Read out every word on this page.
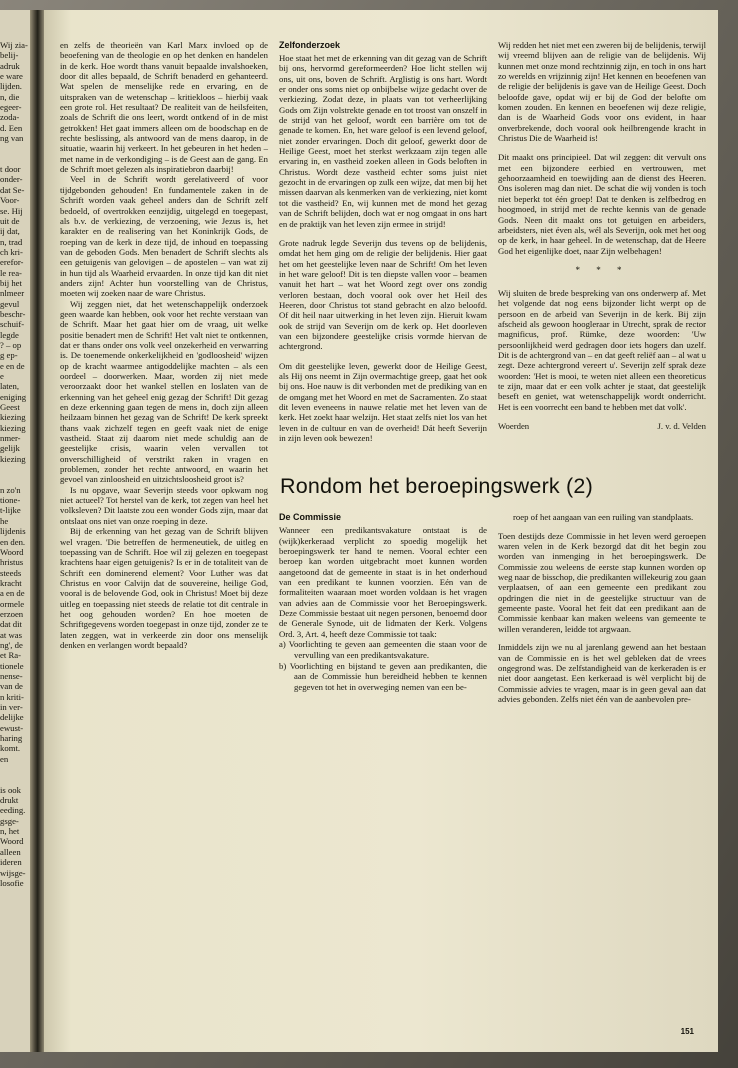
Wij zia-

belij-

adruk

e ware

lijden.

n, die

egeer-

zoda-

d. Een

ng van

t door

onder-

dat Se-

Voor-

se. Hij

uit de

ij dat,

n, trad

ch kri-

erefor-

le rea-

bij het

nlmeer

gevul

beschr-

schuif-

legde

? – op

g ep-

e en de

e

laten,

eniging

Geest

kiezing

kiezing

nmer-

gelijk

kiezing

n zo'n

tione-

t-lijke

he

lijdenis

en den.

Woord

hristus

steeds

kracht

a en de

ormele

erzoen

dat dit

at was

ng', de

et Ra-

tionele

nense-

van de

n kriti-

in ver-

delijke

ewust-

haring

komt.

en

is ook

drukt

eeding.

gsge-

n, het

Woord

alleen

ideren

wijsge-

losofie

en zelfs de theorieën van Karl Marx invloed op de beoefening van de theologie en op het denken en handelen in de kerk. Hoe wordt thans vanuit bepaalde invalshoeken, door dit alles bepaald, de Schrift benaderd en gehanteerd. Wat spelen de menselijke rede en ervaring, en de uitspraken van de wetenschap – kritiekloos – hierbij vaak een grote rol. Het resultaat? De realiteit van de heilsfeiten, zoals de Schrift die ons leert, wordt ontkend of in de mist getrokken! Het gaat immers alleen om de boodschap en de rechte beslissing, als antwoord van de mens daarop, in de situatie, waarin hij verkeert. In het gebeuren in het heden – met name in de verkondiging – is de Geest aan de gang. En de Schrift moet gelezen als inspiratiebron daarbij!

Veel in de Schrift wordt gerelativeerd of voor tijdgebonden gehouden! En fundamentele zaken in de Schrift worden vaak geheel anders dan de Schrift zelf bedoeld, of overtrokken eenzijdig, uitgelegd en toegepast, als b.v. de verkiezing, de verzoening, wie Jezus is, het karakter en de realisering van het Koninkrijk Gods, de roeping van de kerk in deze tijd, de inhoud en toepassing van de geboden Gods. Men benadert de Schrift slechts als een getuigenis van gelovigen – de apostelen – van wat zij in hun tijd als Waarheid ervaarden. In onze tijd kan dit niet anders zijn! Achter hun voorstelling van de Christus, moeten wij zoeken naar de ware Christus.

Wij zeggen niet, dat het wetenschappelijk onderzoek geen waarde kan hebben, ook voor het rechte verstaan van de Schrift. Maar het gaat hier om de vraag, uit welke positie benadert men de Schrift! Het valt niet te ontkennen, dat er thans onder ons volk veel onzekerheid en verwarring is. De toenemende onkerkelijkheid en 'godloosheid' wijzen op de kracht waarmee antigoddelijke machten – als een oordeel – doorwerken. Maar, worden zij niet mede veroorzaakt door het wankel stellen en loslaten van de erkenning van het geheel enig gezag der Schrift! Dit gezag en deze erkenning gaan tegen de mens in, doch zijn alleen heilzaam binnen het gezag van de Schrift! De kerk spreekt thans vaak zichzelf tegen en geeft vaak niet de enige vastheid. Staat zij daarom niet mede schuldig aan de geestelijke crisis, waarin velen vervallen tot onverschilligheid of verstrikt raken in vragen en problemen, zonder het rechte antwoord, en waarin het gevoel van zinloosheid en uitzichtsloosheid groot is?

Is nu opgave, waar Severijn steeds voor opkwam nog niet actueel? Tot herstel van de kerk, tot zegen van heel het volksleven? Dit laatste zou een wonder Gods zijn, maar dat ontslaat ons niet van onze roeping in deze.

Bij de erkenning van het gezag van de Schrift blijven wel vragen. 'Die betreffen de hermeneutiek, de uitleg en toepassing van de Schrift. Hoe wil zij gelezen en toegepast krachtens haar eigen getuigenis? Is er in de totaliteit van de Schrift een dominerend element? Voor Luther was dat Christus en voor Calvijn dat de souvereine, heilige God, vooral is de belovende God, ook in Christus! Moet bij deze uitleg en toepassing niet steeds de relatie tot dit centrale in het oog gehouden worden? En hoe moeten de Schriftgegevens worden toegepast in onze tijd, zonder ze te laten zeggen, wat in verkeerde zin door ons menselijk denken en verlangen wordt bepaald?

Zelfonderzoek

Hoe staat het met de erkenning van dit gezag van de Schrift bij ons, hervormd gereformeerden? Hoe licht stellen wij ons, uit ons, boven de Schrift. Arglistig is ons hart. Wordt er onder ons soms niet op onbijbelse wijze gedacht over de verkiezing. Zodat deze, in plaats van tot verheerlijking Gods om Zijn volstrekte genade en tot troost van onszelf in de strijd van het geloof, wordt een barrière om tot de genade te komen. En, het ware geloof is een levend geloof, niet zonder ervaringen. Doch dit geloof, gewerkt door de Heilige Geest, moet het sterkst werkzaam zijn tegen alle ervaring in, en vastheid zoeken alleen in Gods beloften in Christus. Wordt deze vastheid echter soms juist niet gezocht in de ervaringen op zulk een wijze, dat men bij het missen daarvan als kenmerken van de verkiezing, niet komt tot die vastheid? En, wij kunnen met de mond het gezag van de Schrift belijden, doch wat er nog omgaat in ons hart en de praktijk van het leven zijn ermee in strijd!

Grote nadruk legde Severijn dus tevens op de belijdenis, omdat het hem ging om de religie der belijdenis. Hier gaat het om het geestelijke leven naar de Schrift! Om het leven in het ware geloof! Dit is ten diepste vallen voor – beamen vanuit het hart – wat het Woord zegt over ons zondig verloren bestaan, doch vooral ook over het Heil des Heeren, door Christus tot stand gebracht en alzo beloofd. Of dit heil naar uitwerking in het leven zijn. Hieruit kwam ook de strijd van Severijn om de kerk op. Het doorleven van een bijzondere geestelijke crisis vormde hiervan de achtergrond.

Om dit geestelijke leven, gewerkt door de Heilige Geest, als Hij ons neemt in Zijn overmachtige greep, gaat het ook bij ons. Hoe nauw is dit verbonden met de prediking van en de omgang met het Woord en met de Sacramenten. Zo staat dit leven eveneens in nauwe relatie met het leven van de kerk. Het zoekt haar welzijn. Het staat zelfs niet los van het leven in de cultuur en van de overheid! Dát heeft Severijn in zijn leven ook bewezen!

Wij redden het niet met een zweren bij de belijdenis, terwijl wij vreemd blijven aan de religie van de belijdenis. Wij kunnen met onze mond rechtzinnig zijn, en toch in ons hart zo werelds en vrijzinnig zijn! Het kennen en beoefenen van de religie der belijdenis is gave van de Heilige Geest. Doch beloofde gave, opdat wij er bij de God der belofte om komen zouden. En kennen en beoefenen wij deze religie, dan is de Waarheid Gods voor ons evident, in haar onverbrekende, doch vooral ook heilbrengende kracht in Christus Die de Waarheid is!

Dit maakt ons principieel. Dat wil zeggen: dit vervult ons met een bijzondere eerbied en vertrouwen, met gehoorzaamheid en toewijding aan de dienst des Heeren. Ons isoleren mag dan niet. De schat die wij vonden is toch niet beperkt tot één groep! Dat te denken is zelfbedrog en hoogmoed, in strijd met de rechte kennis van de genade Gods. Neen dit maakt ons tot getuigen en arbeiders, arbeidsters, niet éven als, wél als Severijn, ook met het oog op de kerk, in haar geheel. In de wetenschap, dat de Heere God het eigenlijke doet, naar Zijn welbehagen!

* * *

Wij sluiten de brede bespreking van ons onderwerp af. Met het volgende dat nog eens bijzonder licht werpt op de persoon en de arbeid van Severijn in de kerk. Bij zijn afscheid als gewoon hoogleraar in Utrecht, sprak de rector magnificus, prof. Rümke, deze woorden: 'Uw persoonlijkheid werd gedragen door iets hogers dan uzelf. Dit is de achtergrond van – en dat geeft reliëf aan – al wat u zegt. Deze achtergrond vereert u'. Severijn zelf sprak deze woorden: 'Het is mooi, te weten niet alleen een theoreticus te zijn, maar dat er een volk achter je staat, dat geestelijk beseft en geniet, wat wetenschappelijk wordt onderricht. Het is een voorrecht een band te hebben met dat volk'.

Woerden	J. v. d. Velden
Rondom het beroepingswerk (2)
De Commissie

Wanneer een predikantsvakature ontstaat is de (wijk)kerkeraad verplicht zo spoedig mogelijk het beroepingswerk ter hand te nemen. Vooral echter een beroep kan worden uitgebracht moet kunnen worden aangetoond dat de gemeente in staat is in het onderhoud van een predikant te kunnen voorzien. Eén van de formaliteiten waaraan moet worden voldaan is het vragen van advies aan de Commissie voor het Beroepingswerk. Deze Commissie bestaat uit negen personen, benoemd door de Generale Synode, uit de lidmaten der Kerk. Volgens Ord. 3, Art. 4, heeft deze Commissie tot taak:

a) Voorlichting te geven aan gemeenten die staan voor de vervulling van een predikantsvakature.

b) Voorlichting en bijstand te geven aan predikanten, die aan de Commissie hun bereidheid hebben te kennen gegeven tot het in overweging nemen van een be-

roep of het aangaan van een ruiling van standplaats.

Toen destijds deze Commissie in het leven werd geroepen waren velen in de Kerk bezorgd dat dit het begin zou worden van inmenging in het beroepingswerk. De Commissie zou weleens de eerste stap kunnen worden op weg naar de bisschop, die predikanten willekeurig zou gaan verplaatsen, of aan een gemeente een predikant zou opdringen die niet in de geestelijke structuur van de gemeente paste. Vooral het feit dat een predikant aan de Commissie kenbaar kan maken weleens van gemeente te willen veranderen, leidde tot argwaan.

Inmiddels zijn we nu al jarenlang gewend aan het bestaan van de Commissie en is het wel gebleken dat de vrees ongegrond was. De zelfstandigheid van de kerkeraden is er niet door aangetast. Een kerkeraad is wèl verplicht bij de Commissie advies te vragen, maar is in geen geval aan dat advies gebonden. Zelfs niet één van de aanbevolen pre-

151
